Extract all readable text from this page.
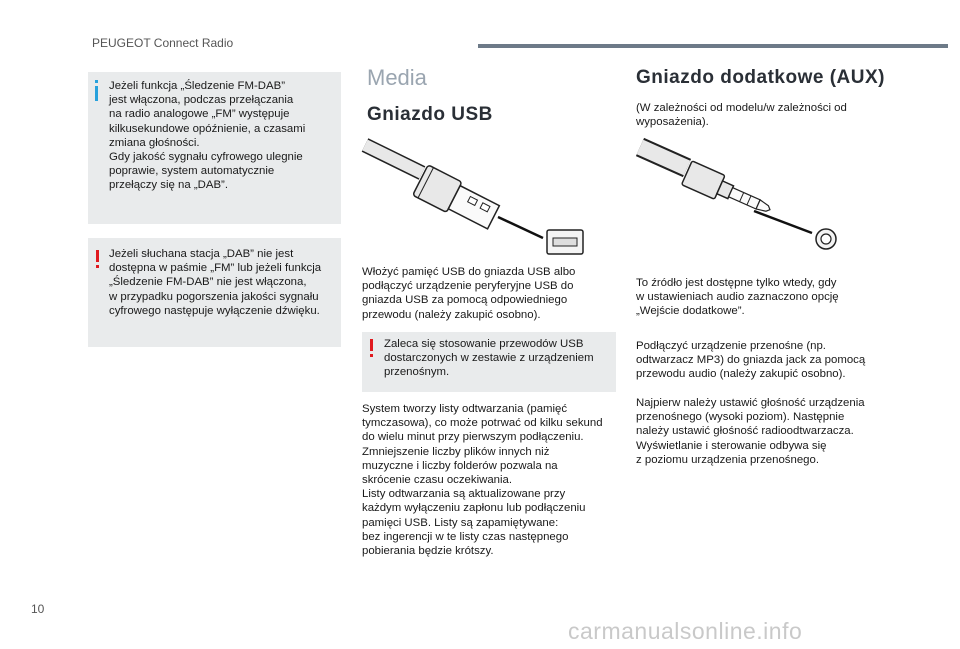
PEUGEOT Connect Radio

Jeżeli funkcja „Śledzenie FM-DAB”
jest włączona, podczas przełączania
na radio analogowe „FM” występuje
kilkusekundowe opóźnienie, a czasami
zmiana głośności.
Gdy jakość sygnału cyfrowego ulegnie
poprawie, system automatycznie
przełączy się na „DAB”.

Jeżeli słuchana stacja „DAB” nie jest
dostępna w paśmie „FM” lub jeżeli funkcja
„Śledzenie FM-DAB” nie jest włączona,
w przypadku pogorszenia jakości sygnału
cyfrowego następuje wyłączenie dźwięku.

Media
Gniazdo USB

Włożyć pamięć USB do gniazda USB albo
podłączyć urządzenie peryferyjne USB do
gniazda USB za pomocą odpowiedniego
przewodu (należy zakupić osobno).

Zaleca się stosowanie przewodów USB
dostarczonych w zestawie z urządzeniem
przenośnym.

System tworzy listy odtwarzania (pamięć
tymczasowa), co może potrwać od kilku sekund
do wielu minut przy pierwszym podłączeniu.
Zmniejszenie liczby plików innych niż
muzyczne i liczby folderów pozwala na
skrócenie czasu oczekiwania.
Listy odtwarzania są aktualizowane przy
każdym wyłączeniu zapłonu lub podłączeniu
pamięci USB. Listy są zapamiętywane:
bez ingerencji w te listy czas następnego
pobierania będzie krótszy.

Gniazdo dodatkowe (AUX)

(W zależności od modelu/w zależności od
wyposażenia).

To źródło jest dostępne tylko wtedy, gdy
w ustawieniach audio zaznaczono opcję
„Wejście dodatkowe”.

Podłączyć urządzenie przenośne (np.
odtwarzacz MP3) do gniazda jack za pomocą
przewodu audio (należy zakupić osobno).

Najpierw należy ustawić głośność urządzenia
przenośnego (wysoki poziom). Następnie
należy ustawić głośność radioodtwarzacza.
Wyświetlanie i sterowanie odbywa się
z poziomu urządzenia przenośnego.

10
carmanualsonline.info
